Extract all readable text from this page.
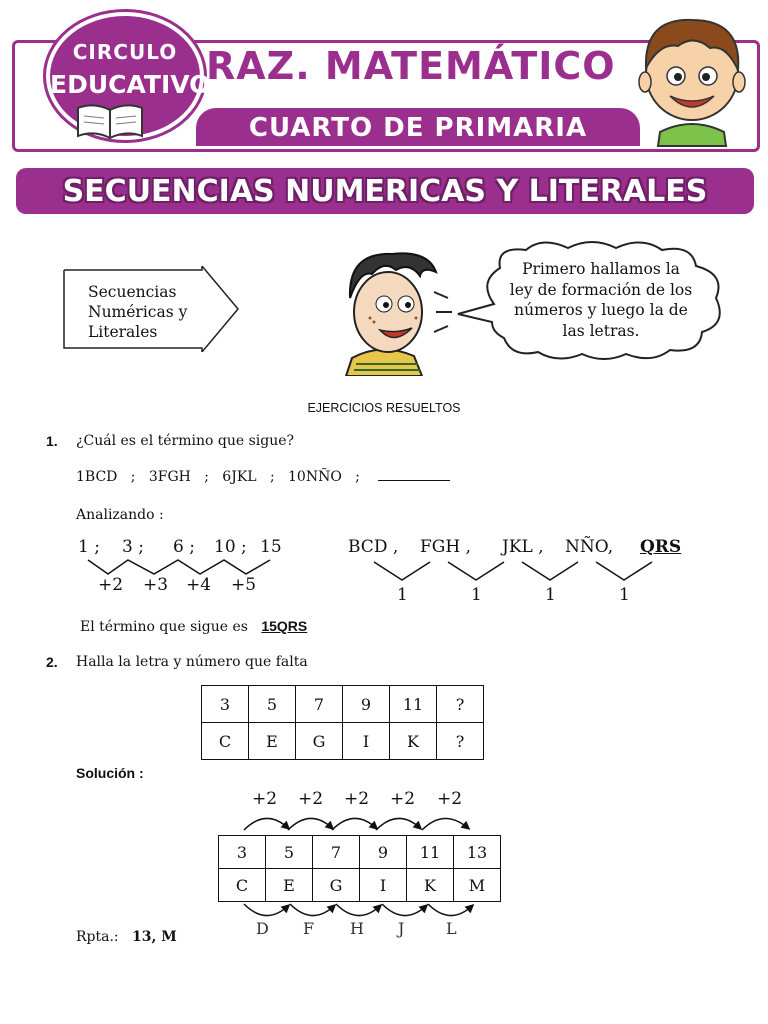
CIRCULO
EDUCATIVO
RAZ. MATEMÁTICO
CUARTO DE PRIMARIA
SECUENCIAS NUMERICAS Y LITERALES
Secuencias
Numéricas y
Literales
Primero hallamos la
ley de formación de los
números y luego la de
las letras.
EJERCICIOS RESUELTOS
1. ¿Cuál es el término que sigue?
1BCD ; 3FGH ; 6JKL ; 10NÑO ;
Analizando :
1 ; 3 ; 6 ; 10 ; 15
+2 +3 +4 +5
BCD , FGH , JKL , NÑO, QRS
1	1	1	1
El término que sigue es 15QRS
2. Halla la letra y número que falta
3	5	7	9	11	?
C	E	G	I	K	?
Solución :
+2 +2 +2 +2 +2
3	5	7	9	11	13
C	E	G	I	K	M
D F H J	L
Rpta.: 13, M
